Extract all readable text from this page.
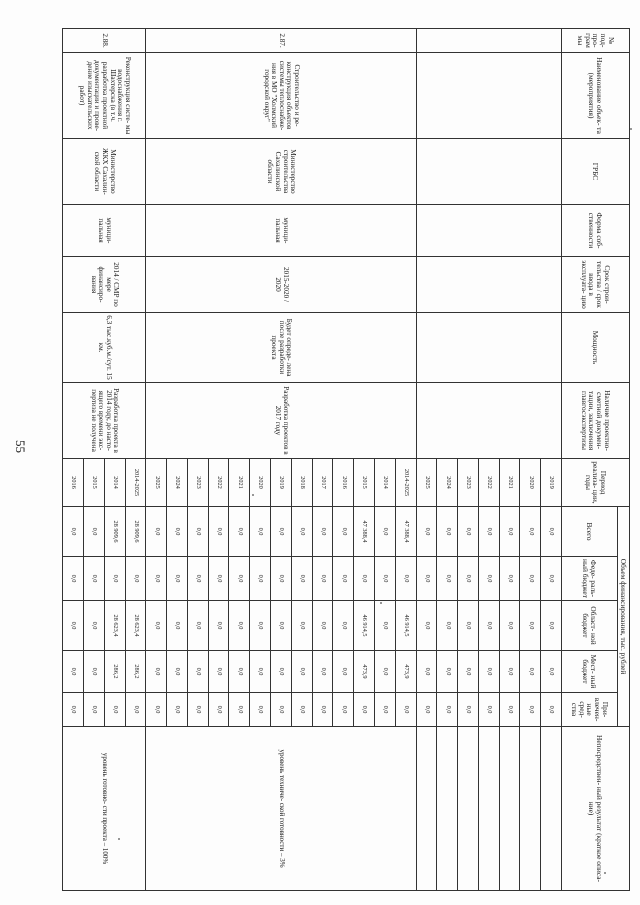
55
№ под- про- грам мы	Наименование объек- та (мероприятия)	ГРБС	Форма соб- ственности	Срок строи- тельства / срок ввода в эксплуата- цию	Мощность	Наличие проектно- сметной докумен- тации, заключения главгосэкспертизы	Период реализа- ции, годы	Объем финансирования, тыс. рублей					Непосредствен- ный результат (краткое описа- ние)
								Всего	Феде- раль- ный бюджет	Област- ной бюджет	Мест- ный бюджет	При- влечен- ные сред- ства	
							2019	0,0	0,0	0,0	0,0	0,0	
							2020	0,0	0,0	0,0	0,0	0,0	
							2021	0,0	0,0	0,0	0,0	0,0	
							2022	0,0	0,0	0,0	0,0	0,0	
							2023	0,0	0,0	0,0	0,0	0,0	
							2024	0,0	0,0	0,0	0,0	0,0	
							2025	0,0	0,0	0,0	0,0	0,0	
2.87.	Строительство и ре- конструкция объектов системы теплоснабже- ния в МО "Холмский городской округ"	Министерство строительства Сахалинской области	муници- пальная	2015-2020 / 2020	Будет опреде- лена после разработки проекта	Разработка проектов в 2017 году	2014-2025	47 388,4	0,0	46 914,5	473,9	0,0	уровень техниче- ской готовности – 3%
							2014	0,0	0,0	0,0	0,0	0,0	
							2015	47 388,4	0,0	46 914,5	473,9	0,0	
							2016	0,0	0,0	0,0	0,0	0,0	
							2017	0,0	0,0	0,0	0,0	0,0	
							2018	0,0	0,0	0,0	0,0	0,0	
							2019	0,0	0,0	0,0	0,0	0,0	
							2020	0,0	0,0	0,0	0,0	0,0	
							2021	0,0	0,0	0,0	0,0	0,0	
							2022	0,0	0,0	0,0	0,0	0,0	
							2023	0,0	0,0	0,0	0,0	0,0	
							2024	0,0	0,0	0,0	0,0	0,0	
							2025	0,0	0,0	0,0	0,0	0,0	
2.88.	Реконструкция систе- мы водоснабжения г. Шахтерска (в т.ч. разработка проектной документации и прове- дение изыскательских работ)	Министерство ЖКХ Сахалин- ской области	муници- пальная	2014 / СМР по мере финансиро- вания	6,3 тыс.куб.м./сут. 15 км.	Разработка проекта в 2014 году, до насто- ящего времени экс- пертиза не получена	2014-2025	28 909,6	0,0	28 623,4	286,2	0,0	уровень готовно- сти проекта – 100%
							2014	28 909,6	0,0	28 623,4	286,2	0,0	
							2015	0,0	0,0	0,0	0,0	0,0	
							2016	0,0	0,0	0,0	0,0	0,0	
